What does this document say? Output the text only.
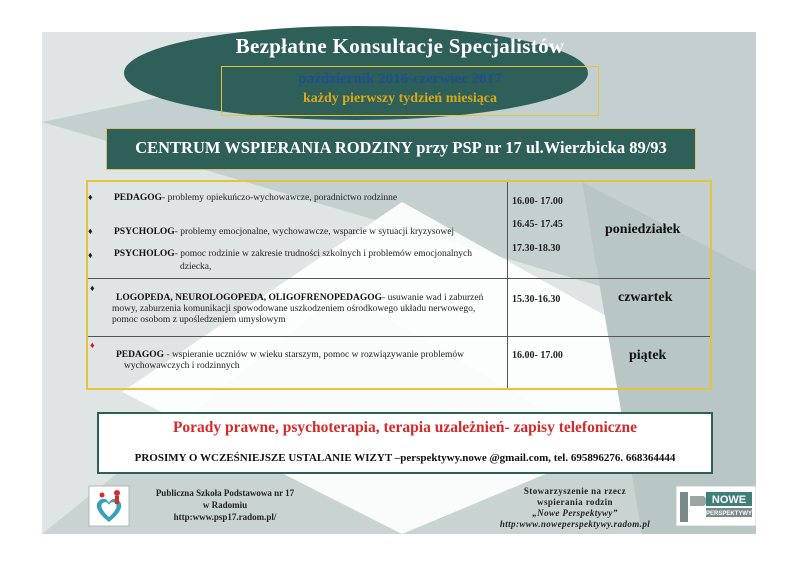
Bezpłatne Konsultacje Specjalistów
październik 2016-czerwiec 2017
każdy pierwszy tydzień miesiąca
CENTRUM WSPIERANIA RODZINY przy PSP nr 17 ul.Wierzbicka 89/93
♦ PEDAGOG- problemy opiekuńczo-wychowawcze, poradnictwo rodzinne
♦ PSYCHOLOG- problemy emocjonalne, wychowawcze, wsparcie w sytuacji kryzysowej
♦ PSYCHOLOG- pomoc rodzinie w zakresie trudności szkolnych i problemów emocjonalnych
dziecka,
16.00- 17.00
16.45- 17.45
17.30-18.30
poniedziałek
♦
LOGOPEDA, NEUROLOGOPEDA, OLIGOFRENOPEDAGOG- usuwanie wad i zaburzeń
mowy, zaburzenia komunikacji spowodowane uszkodzeniem ośrodkowego układu nerwowego,
pomoc osobom z upośledzeniem umysłowym
15.30-16.30	czwartek
♦
PEDAGOG - wspieranie uczniów w wieku starszym, pomoc w rozwiązywanie problemów
wychowawczych i rodzinnych
16.00- 17.00	piątek
Porady prawne, psychoterapia, terapia uzależnień- zapisy telefoniczne
PROSIMY O WCZEŚNIEJSZE USTALANIE WIZYT –perspektywy.nowe @gmail.com, tel. 695896276. 668364444
Publiczna Szkoła Podstawowa nr 17
w Radomiu
http:www.psp17.radom.pl/
Stowarzyszenie na rzecz
wspierania rodzin
„Nowe Perspektywy”
http:www.noweperspektywy.radom.pl
NOWE
PERSPEKTYWY
